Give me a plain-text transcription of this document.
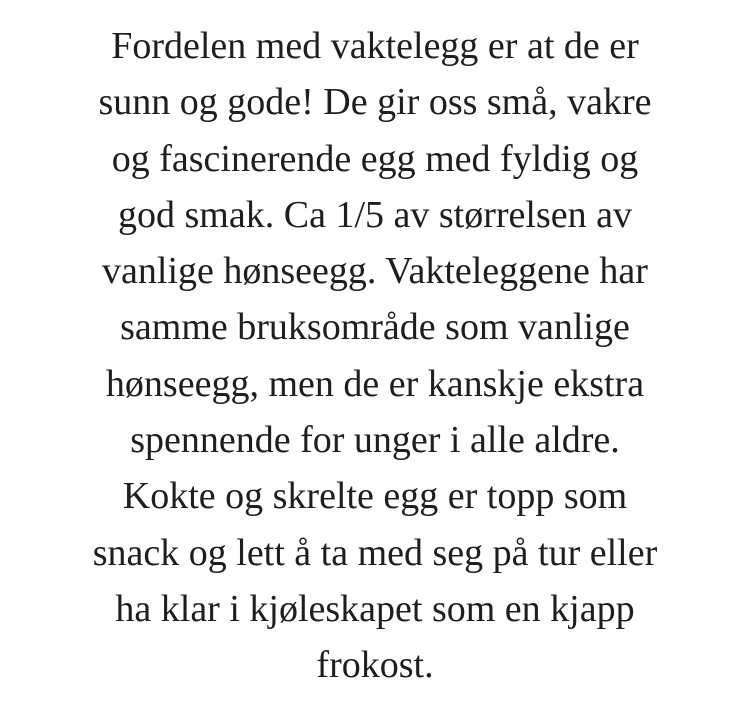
Fordelen med vaktelegg er at de er
sunn og gode! De gir oss små, vakre
og fascinerende egg med fyldig og
god smak. Ca 1/5 av størrelsen av
vanlige hønseegg. Vakteleggene har
samme bruksområde som vanlige
hønseegg, men de er kanskje ekstra
spennende for unger i alle aldre.
Kokte og skrelte egg er topp som
snack og lett å ta med seg på tur eller
ha klar i kjøleskapet som en kjapp
frokost.
